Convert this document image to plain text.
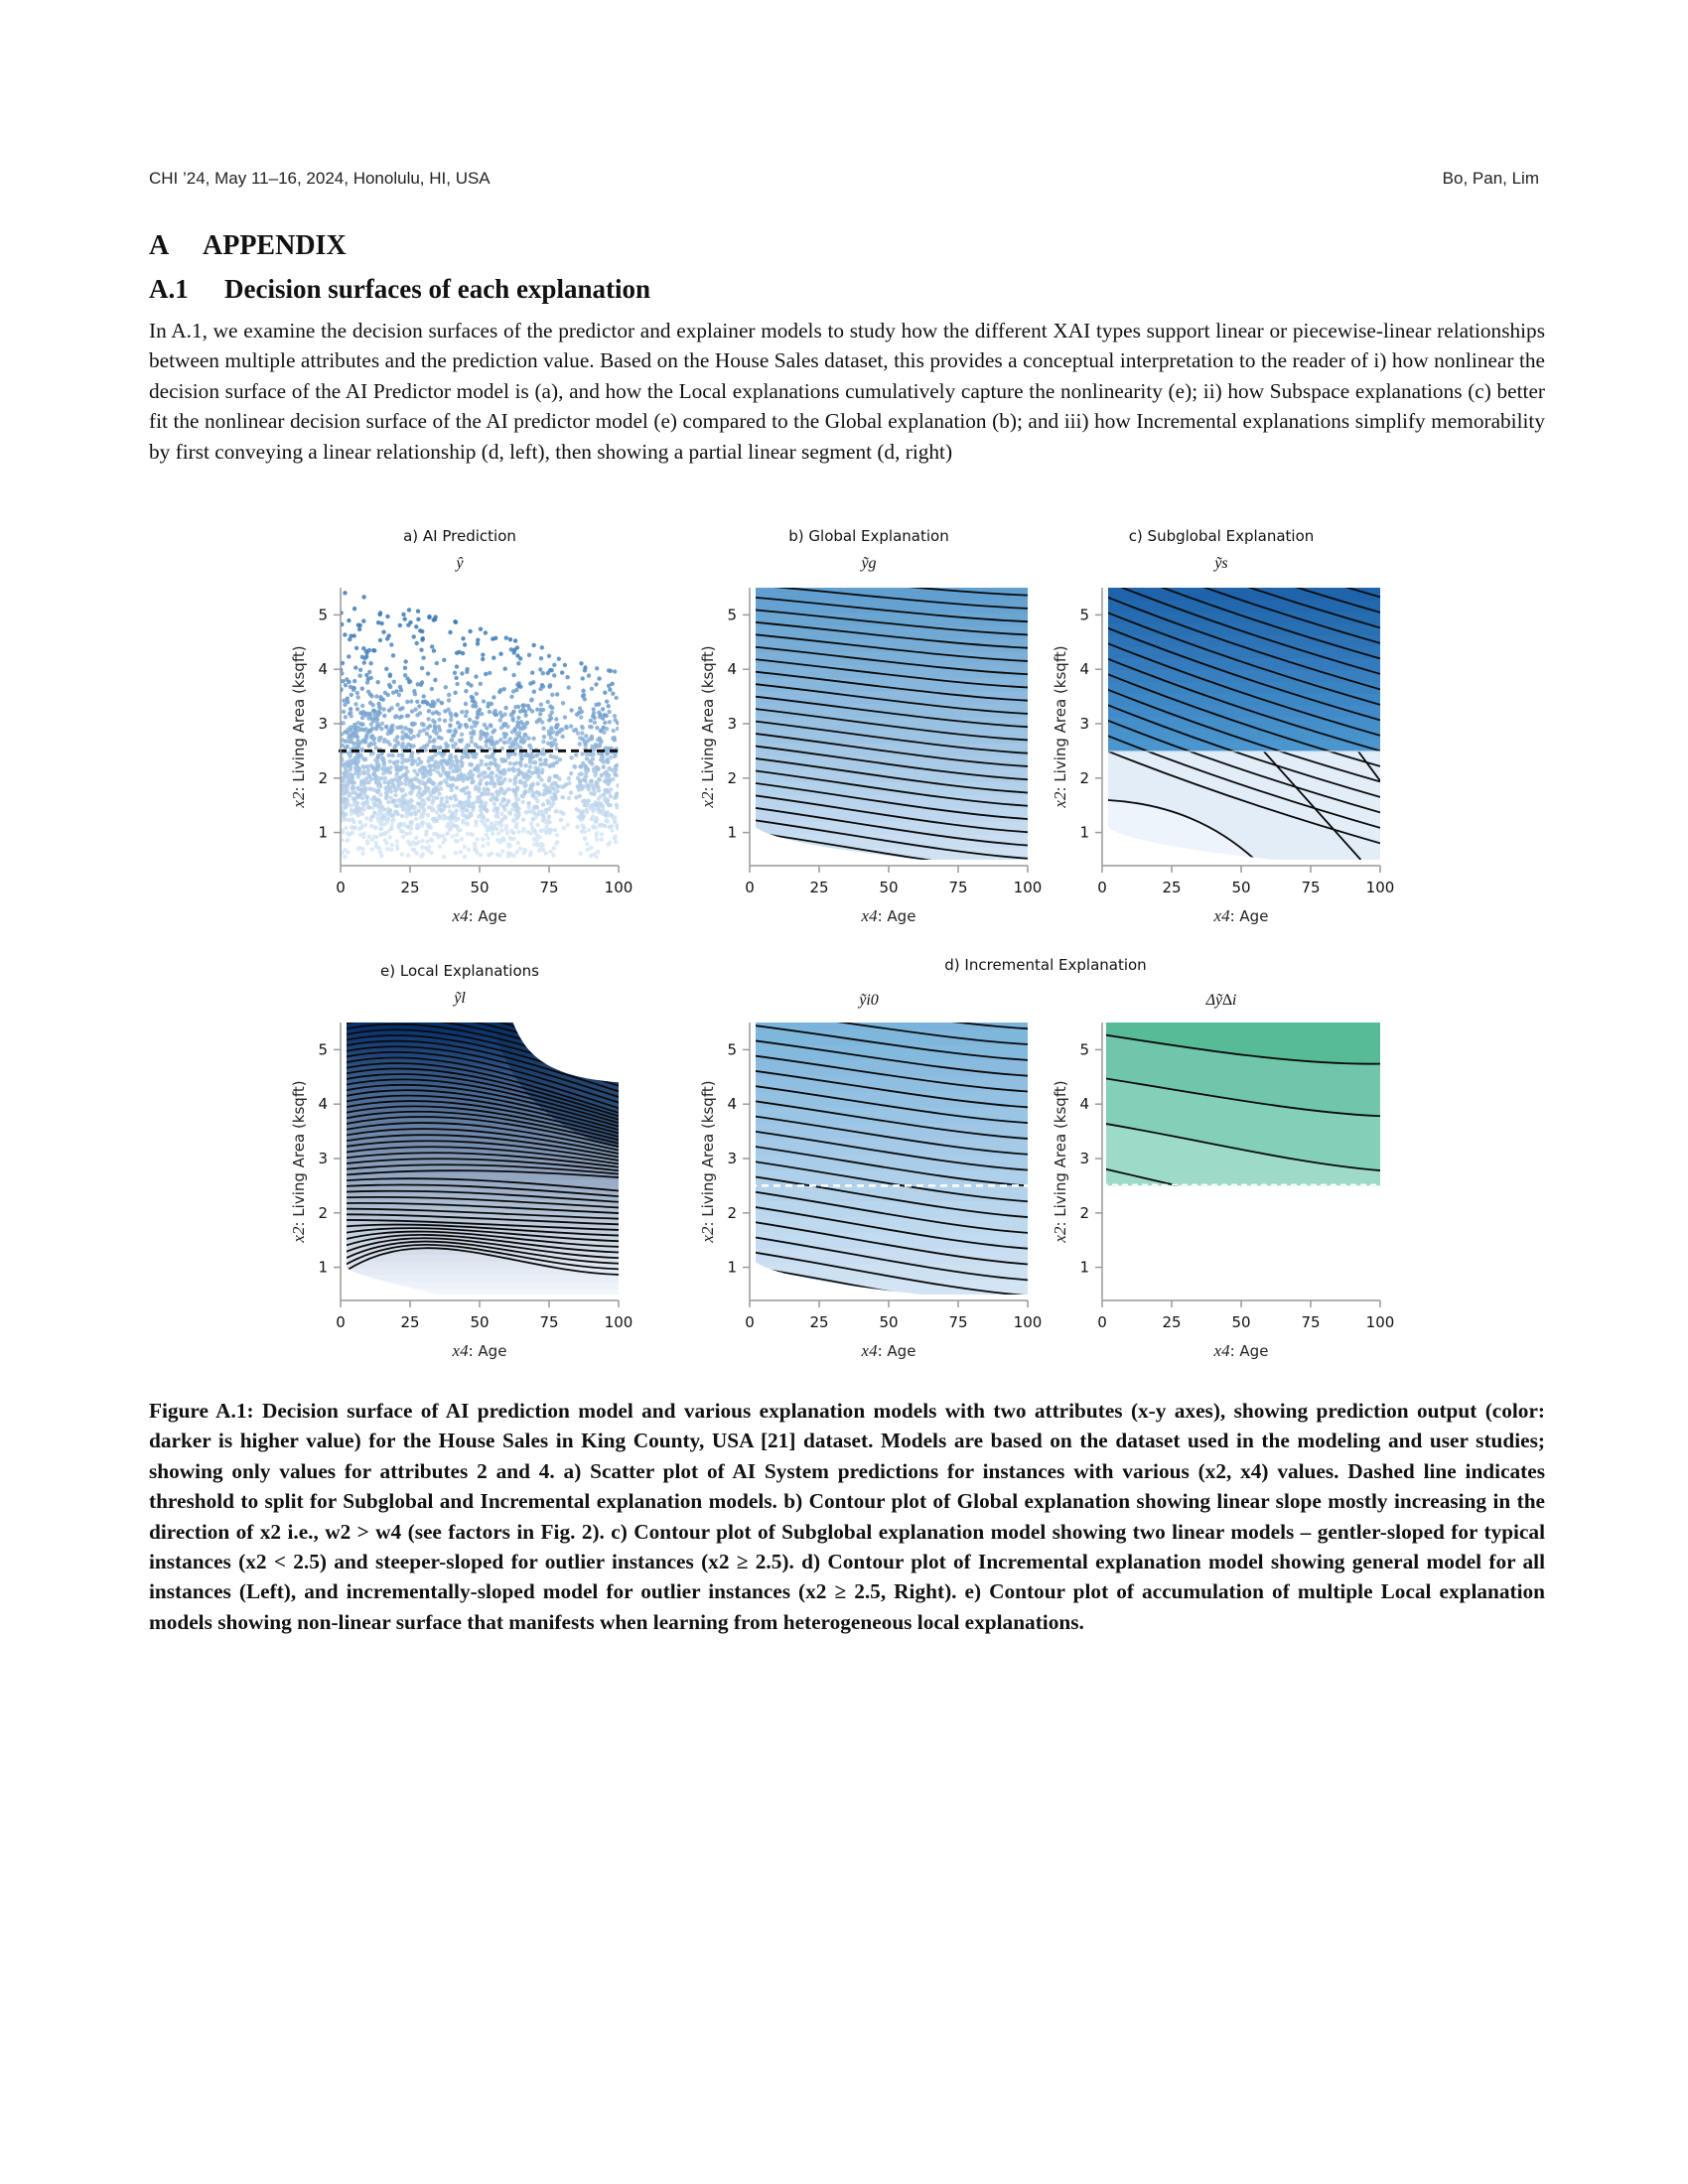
CHI ’24, May 11–16, 2024, Honolulu, HI, USA	Bo, Pan, Lim
A APPENDIX
A.1 Decision surfaces of each explanation

In A.1, we examine the decision surfaces of the predictor and explainer models to study how the different XAI types support linear or piecewise-linear relationships between multiple attributes and the prediction value. Based on the House Sales dataset, this provides a conceptual interpretation to the reader of i) how nonlinear the decision surface of the AI Predictor model is (a), and how the Local explanations cumulatively capture the nonlinearity (e); ii) how Subspace explanations (c) better fit the nonlinear decision surface of the AI predictor model (e) compared to the Global explanation (b); and iii) how Incremental explanations simplify memorability by first conveying a linear relationship (d, left), then showing a partial linear segment (d, right)

a) AI Prediction
ŷ
1
2
3
4
5
0	25	50	75	100
x4: Age
x2: Living Area (ksqft)
b) Global Explanation
ỹg
1
2
3
4
5
0	25	50	75	100
x4: Age
x2: Living Area (ksqft)
c) Subglobal Explanation
ỹs
1
2
3
4
5
0	25	50	75	100
x4: Age
x2: Living Area (ksqft)
e) Local Explanations
ỹl
1
2
3
4
5
0	25	50	75	100
x4: Age
x2: Living Area (ksqft)
ỹi0
1
2
3
4
5
0	25	50	75	100
x4: Age
x2: Living Area (ksqft)
Δỹ∆i
1
2
3
4
5
0	25	50	75	100
x4: Age
x2: Living Area (ksqft)
d) Incremental Explanation

Figure A.1: Decision surface of AI prediction model and various explanation models with two attributes (x-y axes), showing prediction output (color: darker is higher value) for the House Sales in King County, USA [21] dataset. Models are based on the dataset used in the modeling and user studies; showing only values for attributes 2 and 4. a) Scatter plot of AI System predictions for instances with various (x2, x4) values. Dashed line indicates threshold to split for Subglobal and Incremental explanation models. b) Contour plot of Global explanation showing linear slope mostly increasing in the direction of x2 i.e., w2 > w4 (see factors in Fig. 2). c) Contour plot of Subglobal explanation model showing two linear models – gentler-sloped for typical instances (x2 < 2.5) and steeper-sloped for outlier instances (x2 ≥ 2.5). d) Contour plot of Incremental explanation model showing general model for all instances (Left), and incrementally-sloped model for outlier instances (x2 ≥ 2.5, Right). e) Contour plot of accumulation of multiple Local explanation models showing non-linear surface that manifests when learning from heterogeneous local explanations.
